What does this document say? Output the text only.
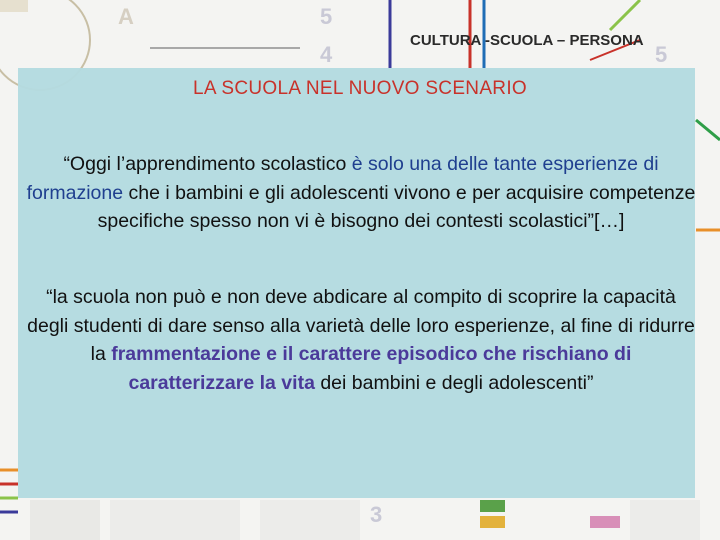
5
4
A
5
3
CULTURA -SCUOLA – PERSONA
LA SCUOLA NEL NUOVO SCENARIO
“Oggi l’apprendimento scolastico è solo una delle tante esperienze di formazione che i bambini e gli adolescenti vivono e per acquisire competenze specifiche spesso non vi è bisogno dei contesti scolastici”[…]
“la scuola non può e non deve abdicare al compito di scoprire la capacità degli studenti di dare senso alla varietà delle loro esperienze, al fine di ridurre la frammentazione e il carattere episodico che rischiano di caratterizzare la vita dei bambini e degli adolescenti”
